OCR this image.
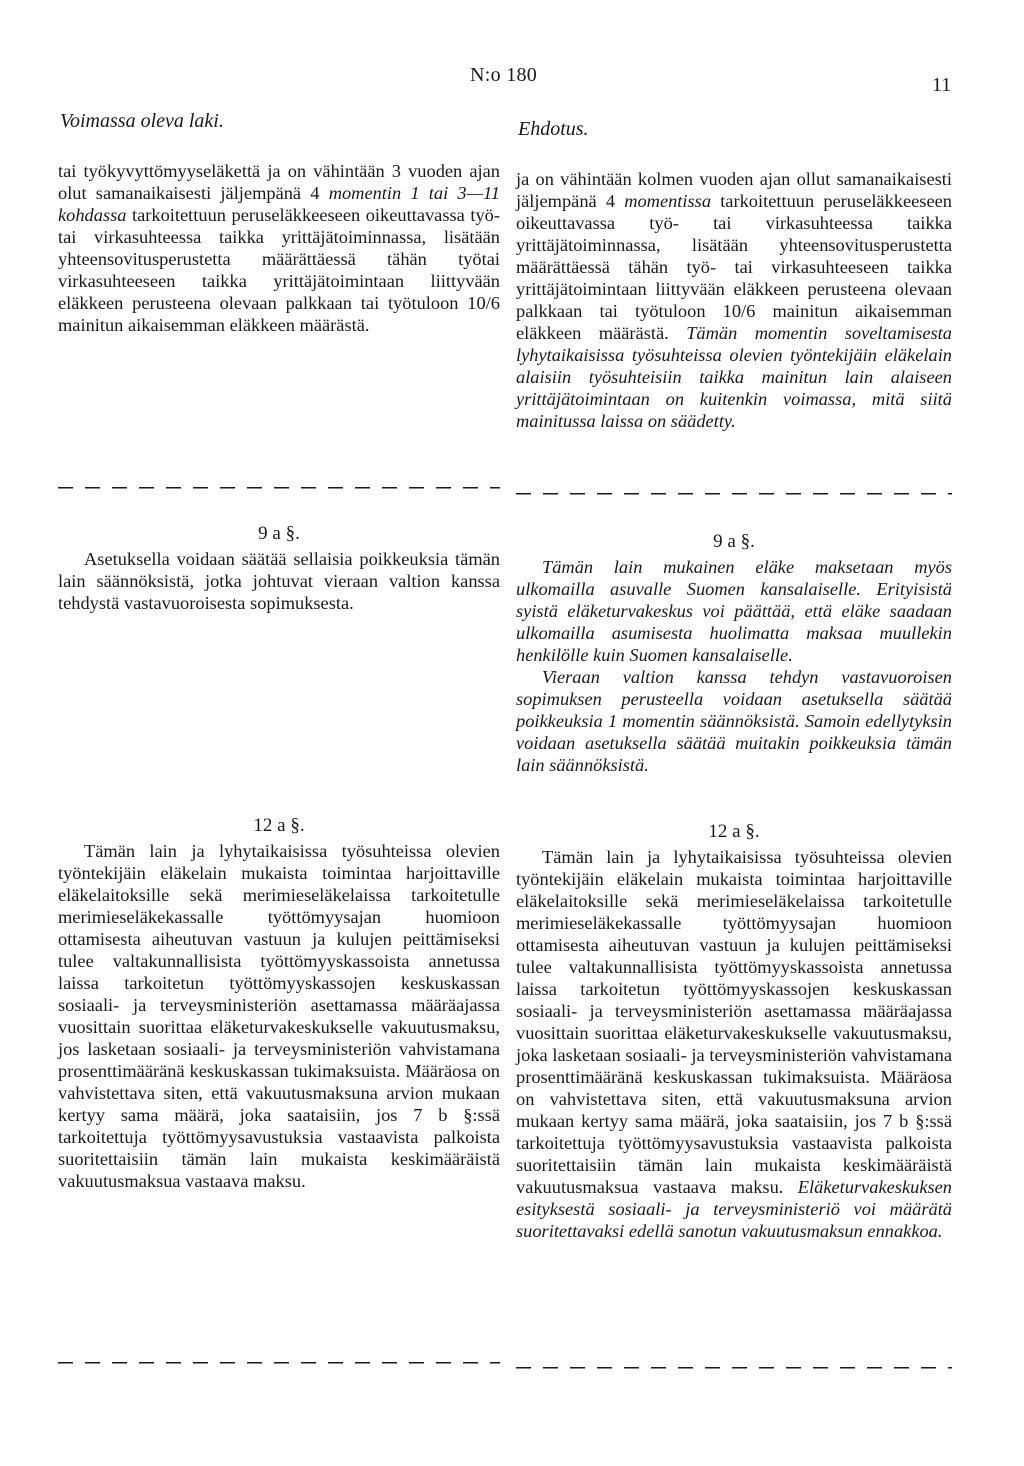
N:o 180	11
Voimassa oleva laki.

tai työkyvyttömyyseläkettä ja on vähintään 3 vuoden ajan olut samanaikaisesti jäljempänä 4 momentin 1 tai 3—11 kohdassa tarkoitettuun peruseläkkeeseen oikeuttavassa työ- tai virkasuhteessa taikka yrittäjätoiminnassa, lisätään yhteensovitusperustetta määrättäessä tähän työtai virkasuhteeseen taikka yrittäjätoimintaan liittyvään eläkkeen perusteena olevaan palkkaan tai työtuloon 10/6 mainitun aikaisemman eläkkeen määrästä.

9 a §.

Asetuksella voidaan säätää sellaisia poikkeuksia tämän lain säännöksistä, jotka johtuvat vieraan valtion kanssa tehdystä vastavuoroisesta sopimuksesta.

12 a §.

Tämän lain ja lyhytaikaisissa työsuhteissa olevien työntekijäin eläkelain mukaista toimintaa harjoittaville eläkelaitoksille sekä merimieseläkelaissa tarkoitetulle merimieseläkekassalle työttömyysajan huomioon ottamisesta aiheutuvan vastuun ja kulujen peittämiseksi tulee valtakunnallisista työttömyyskassoista annetussa laissa tarkoitetun työttömyyskassojen keskuskassan sosiaali- ja terveysministeriön asettamassa määräajassa vuosittain suorittaa eläketurvakeskukselle vakuutusmaksu, jos lasketaan sosiaali- ja terveysministeriön vahvistamana prosenttimääränä keskuskassan tukimaksuista. Määräosa on vahvistettava siten, että vakuutusmaksuna arvion mukaan kertyy sama määrä, joka saataisiin, jos 7 b §:ssä tarkoitettuja työttömyysavustuksia vastaavista palkoista suoritettaisiin tämän lain mukaista keskimääräistä vakuutusmaksua vastaava maksu.

Ehdotus.

ja on vähintään kolmen vuoden ajan ollut samanaikaisesti jäljempänä 4 momentissa tarkoitettuun peruseläkkeeseen oikeuttavassa työ- tai virkasuhteessa taikka yrittäjätoiminnassa, lisätään yhteensovitusperustetta määrättäessä tähän työ- tai virkasuhteeseen taikka yrittäjätoimintaan liittyvään eläkkeen perusteena olevaan palkkaan tai työtuloon 10/6 mainitun aikaisemman eläkkeen määrästä. Tämän momentin soveltamisesta lyhytaikaisissa työsuhteissa olevien työntekijäin eläkelain alaisiin työsuhteisiin taikka mainitun lain alaiseen yrittäjätoimintaan on kuitenkin voimassa, mitä siitä mainitussa laissa on säädetty.

9 a §.

Tämän lain mukainen eläke maksetaan myös ulkomailla asuvalle Suomen kansalaiselle. Erityisistä syistä eläketurvakeskus voi päättää, että eläke saadaan ulkomailla asumisesta huolimatta maksaa muullekin henkilölle kuin Suomen kansalaiselle.

Vieraan valtion kanssa tehdyn vastavuoroisen sopimuksen perusteella voidaan asetuksella säätää poikkeuksia 1 momentin säännöksistä. Samoin edellytyksin voidaan asetuksella säätää muitakin poikkeuksia tämän lain säännöksistä.

12 a §.

Tämän lain ja lyhytaikaisissa työsuhteissa olevien työntekijäin eläkelain mukaista toimintaa harjoittaville eläkelaitoksille sekä merimieseläkelaissa tarkoitetulle merimieseläkekassalle työttömyysajan huomioon ottamisesta aiheutuvan vastuun ja kulujen peittämiseksi tulee valtakunnallisista työttömyyskassoista annetussa laissa tarkoitetun työttömyyskassojen keskuskassan sosiaali- ja terveysministeriön asettamassa määräajassa vuosittain suorittaa eläketurvakeskukselle vakuutusmaksu, joka lasketaan sosiaali- ja terveysministeriön vahvistamana prosenttimääränä keskuskassan tukimaksuista. Määräosa on vahvistettava siten, että vakuutusmaksuna arvion mukaan kertyy sama määrä, joka saataisiin, jos 7 b §:ssä tarkoitettuja työttömyysavustuksia vastaavista palkoista suoritettaisiin tämän lain mukaista keskimääräistä vakuutusmaksua vastaava maksu. Eläketurvakeskuksen esityksestä sosiaali- ja terveysministeriö voi määrätä suoritettavaksi edellä sanotun vakuutusmaksun ennakkoa.
